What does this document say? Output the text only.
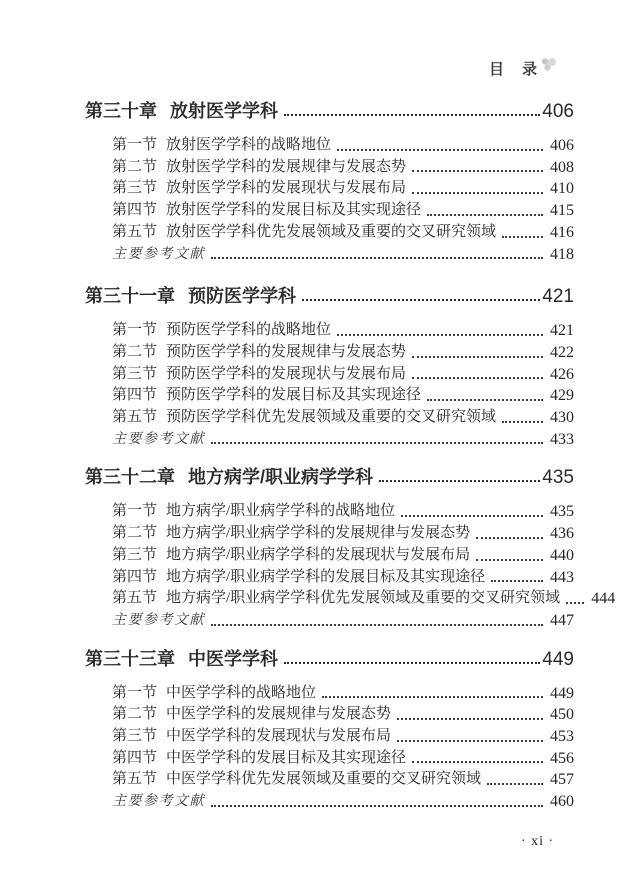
目 录
第三十章 放射医学学科	406
第一节 放射医学学科的战略地位	406
第二节 放射医学学科的发展规律与发展态势	408
第三节 放射医学学科的发展现状与发展布局	410
第四节 放射医学学科的发展目标及其实现途径	415
第五节 放射医学学科优先发展领域及重要的交叉研究领域	416
主要参考文献	418
第三十一章 预防医学学科	421
第一节 预防医学学科的战略地位	421
第二节 预防医学学科的发展规律与发展态势	422
第三节 预防医学学科的发展现状与发展布局	426
第四节 预防医学学科的发展目标及其实现途径	429
第五节 预防医学学科优先发展领域及重要的交叉研究领域	430
主要参考文献	433
第三十二章 地方病学/职业病学学科	435
第一节 地方病学/职业病学学科的战略地位	435
第二节 地方病学/职业病学学科的发展规律与发展态势	436
第三节 地方病学/职业病学学科的发展现状与发展布局	440
第四节 地方病学/职业病学学科的发展目标及其实现途径	443
第五节 地方病学/职业病学学科优先发展领域及重要的交叉研究领域 444
主要参考文献	447
第三十三章 中医学学科	449
第一节 中医学学科的战略地位	449
第二节 中医学学科的发展规律与发展态势	450
第三节 中医学学科的发展现状与发展布局	453
第四节 中医学学科的发展目标及其实现途径	456
第五节 中医学学科优先发展领域及重要的交叉研究领域	457
主要参考文献	460
· xi ·
